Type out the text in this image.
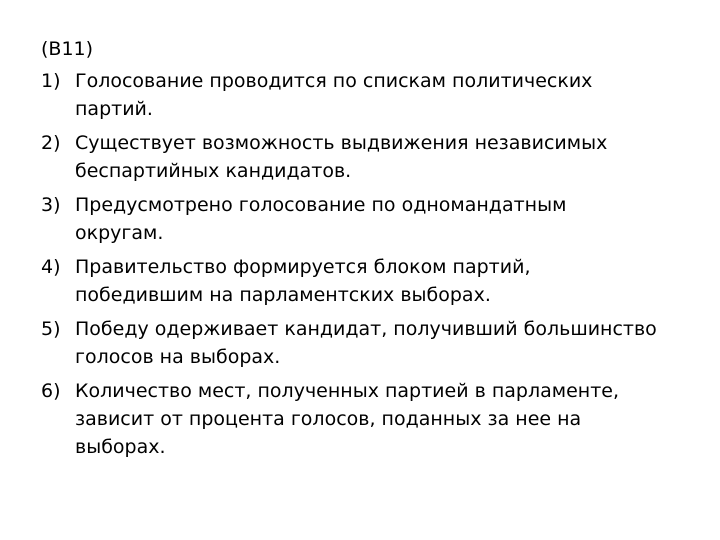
(B11)
1) Голосование проводится по спискам политических
партий.
2) Существует возможность выдвижения независимых
беспартийных кандидатов.
3) Предусмотрено голосование по одномандатным
округам.
4) Правительство формируется блоком партий,
победившим на парламентских выборах.
5) Победу одерживает кандидат, получивший большинство
голосов на выборах.
6) Количество мест, полученных партией в парламенте,
зависит от процента голосов, поданных за нее на
выборах.
